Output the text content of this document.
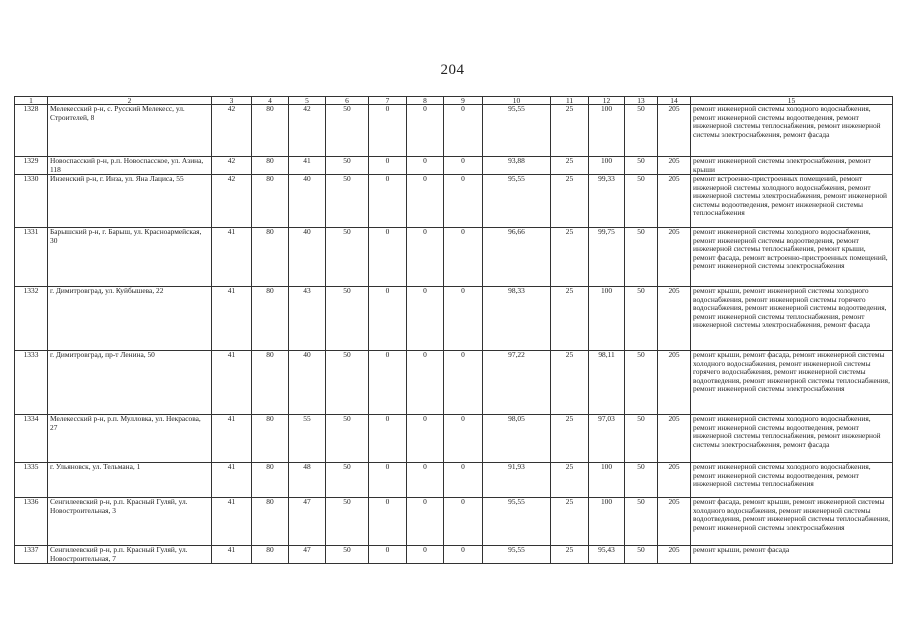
204
1	2	3	4	5	6	7	8	9	10	11	12	13	14	15
1328	Мелекесский р-н, с. Русский Мелекесс, ул. Строителей, 8	42	80	42	50	0	0	0	95,55	25	100	50	205	ремонт инженерной системы холодного водоснабжения, ремонт инженерной системы водоотведения, ремонт инженерной системы теплоснабжения, ремонт инженерной системы электроснабжения, ремонт фасада
1329	Новоспасский р-н, р.п. Новоспасское, ул. Азина, 118	42	80	41	50	0	0	0	93,88	25	100	50	205	ремонт инженерной системы электроснабжения, ремонт крыши
1330	Инзенский р-н, г. Инза, ул. Яна Лациса, 55	42	80	40	50	0	0	0	95,55	25	99,33	50	205	ремонт встроенно-пристроенных помещений, ремонт инженерной системы холодного водоснабжения, ремонт инженерной системы электроснабжения, ремонт инженерной системы водоотведения, ремонт инженерной системы теплоснабжения
1331	Барышский р-н, г. Барыш, ул. Красноармейская, 30	41	80	40	50	0	0	0	96,66	25	99,75	50	205	ремонт инженерной системы холодного водоснабжения, ремонт инженерной системы водоотведения, ремонт инженерной системы теплоснабжения, ремонт крыши, ремонт фасада, ремонт встроенно-пристроенных помещений, ремонт инженерной системы электроснабжения
1332	г. Димитровград, ул. Куйбышева, 22	41	80	43	50	0	0	0	98,33	25	100	50	205	ремонт крыши, ремонт инженерной системы холодного водоснабжения, ремонт инженерной системы горячего водоснабжения, ремонт инженерной системы водоотведения, ремонт инженерной системы теплоснабжения, ремонт инженерной системы электроснабжения, ремонт фасада
1333	г. Димитровград, пр-т Ленина, 50	41	80	40	50	0	0	0	97,22	25	98,11	50	205	ремонт крыши, ремонт фасада, ремонт инженерной системы холодного водоснабжения, ремонт инженерной системы горячего водоснабжения, ремонт инженерной системы водоотведения, ремонт инженерной системы теплоснабжения, ремонт инженерной системы электроснабжения
1334	Мелекесский р-н, р.п. Мулловка, ул. Некрасова, 27	41	80	55	50	0	0	0	98,05	25	97,03	50	205	ремонт инженерной системы холодного водоснабжения, ремонт инженерной системы водоотведения, ремонт инженерной системы теплоснабжения, ремонт инженерной системы электроснабжения, ремонт фасада
1335	г. Ульяновск, ул. Тельмана, 1	41	80	48	50	0	0	0	91,93	25	100	50	205	ремонт инженерной системы холодного водоснабжения, ремонт инженерной системы водоотведения, ремонт инженерной системы теплоснабжения
1336	Сенгилеевский р-н, р.п. Красный Гуляй, ул. Новостроительная, 3	41	80	47	50	0	0	0	95,55	25	100	50	205	ремонт фасада, ремонт крыши, ремонт инженерной системы холодного водоснабжения, ремонт инженерной системы водоотведения, ремонт инженерной системы теплоснабжения, ремонт инженерной системы электроснабжения
1337	Сенгилеевский р-н, р.п. Красный Гуляй, ул. Новостроительная, 7	41	80	47	50	0	0	0	95,55	25	95,43	50	205	ремонт крыши, ремонт фасада
